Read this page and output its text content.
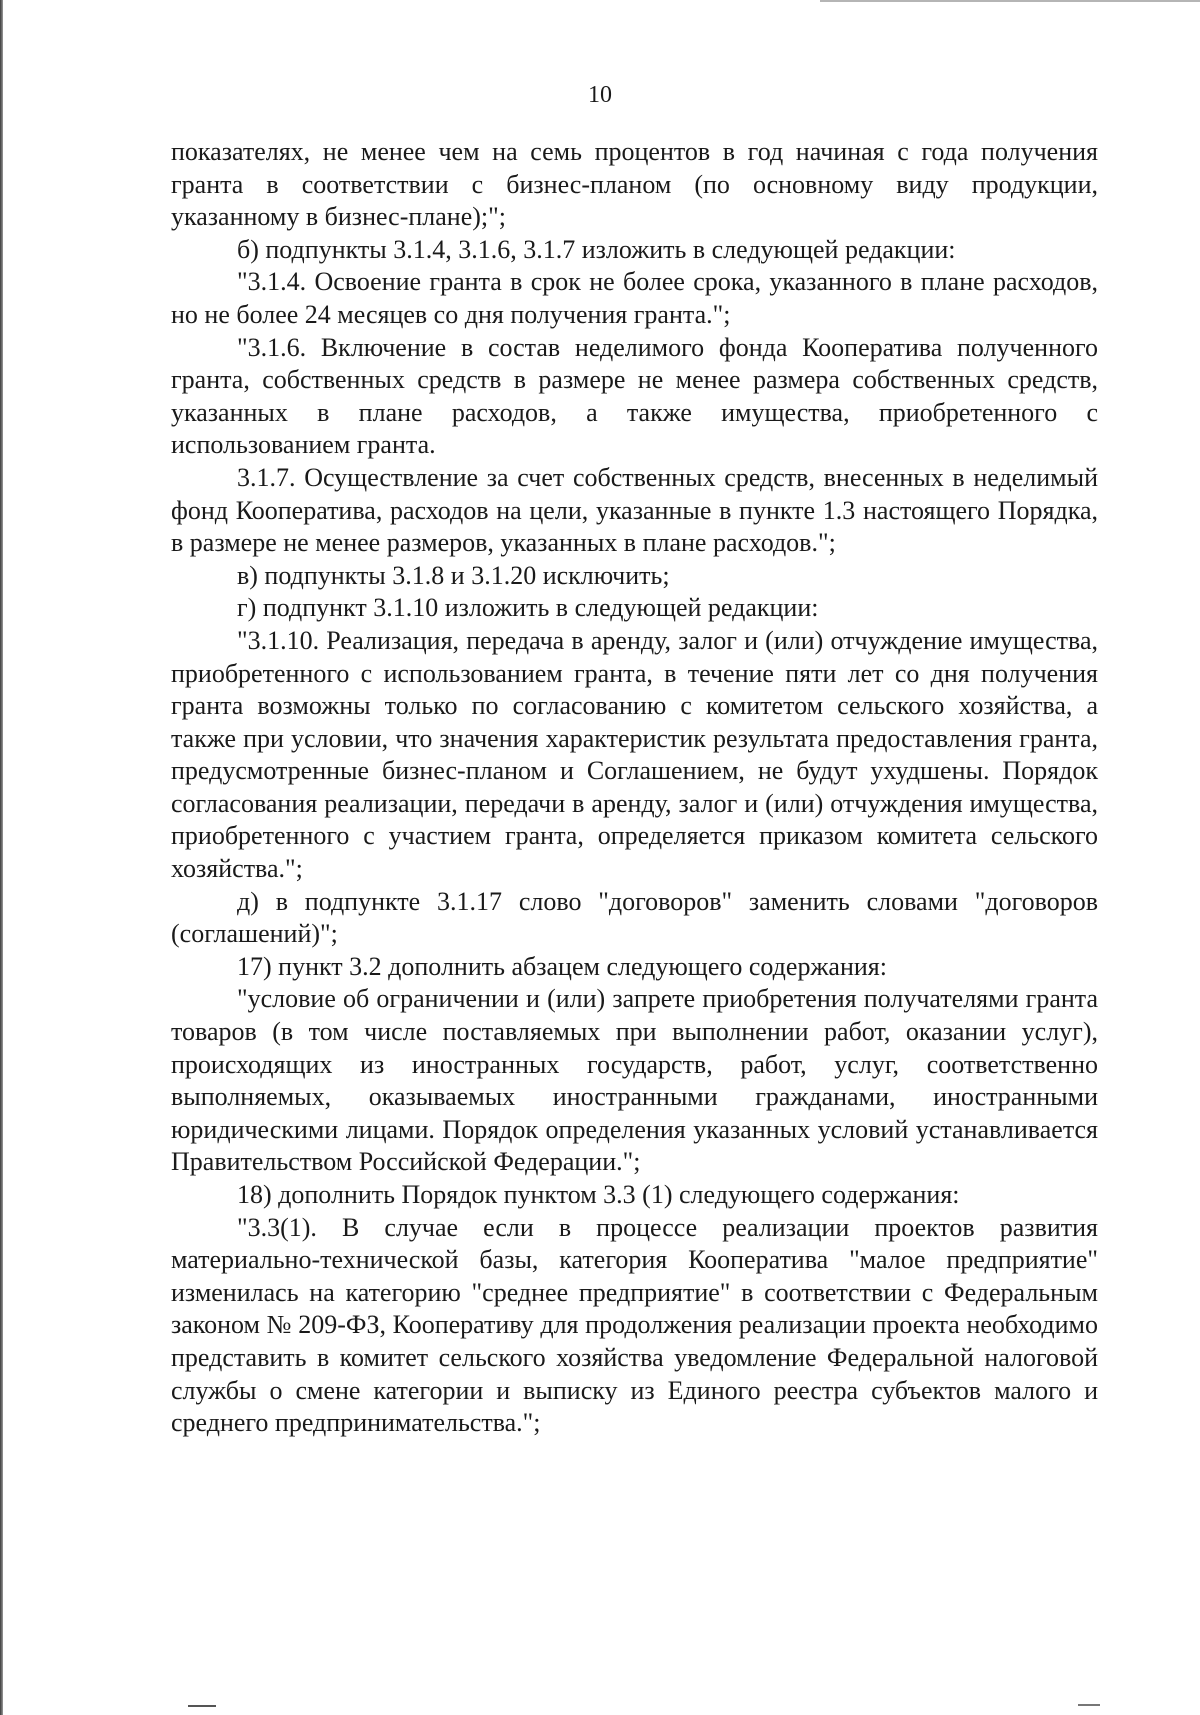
10

показателях, не менее чем на семь процентов в год начиная с года получения гранта в соответствии с бизнес-планом (по основному виду продукции, указанному в бизнес-плане);";

б) подпункты 3.1.4, 3.1.6, 3.1.7 изложить в следующей редакции:

"3.1.4. Освоение гранта в срок не более срока, указанного в плане расходов, но не более 24 месяцев со дня получения гранта.";

"3.1.6. Включение в состав неделимого фонда Кооператива полученного гранта, собственных средств в размере не менее размера собственных средств, указанных в плане расходов, а также имущества, приобретенного с использованием гранта.

3.1.7. Осуществление за счет собственных средств, внесенных в неделимый фонд Кооператива, расходов на цели, указанные в пункте 1.3 настоящего Порядка, в размере не менее размеров, указанных в плане расходов.";

в) подпункты 3.1.8 и 3.1.20 исключить;

г) подпункт 3.1.10 изложить в следующей редакции:

"3.1.10. Реализация, передача в аренду, залог и (или) отчуждение имущества, приобретенного с использованием гранта, в течение пяти лет со дня получения гранта возможны только по согласованию с комитетом сельского хозяйства, а также при условии, что значения характеристик результата предоставления гранта, предусмотренные бизнес-планом и Соглашением, не будут ухудшены. Порядок согласования реализации, передачи в аренду, залог и (или) отчуждения имущества, приобретенного с участием гранта, определяется приказом комитета сельского хозяйства.";

д) в подпункте 3.1.17 слово "договоров" заменить словами "договоров (соглашений)";

17) пункт 3.2 дополнить абзацем следующего содержания:

"условие об ограничении и (или) запрете приобретения получателями гранта товаров (в том числе поставляемых при выполнении работ, оказании услуг), происходящих из иностранных государств, работ, услуг, соответственно выполняемых, оказываемых иностранными гражданами, иностранными юридическими лицами. Порядок определения указанных условий устанавливается Правительством Российской Федерации.";

18) дополнить Порядок пунктом 3.3 (1) следующего содержания:

"3.3(1). В случае если в процессе реализации проектов развития материально-технической базы, категория Кооператива "малое предприятие" изменилась на категорию "среднее предприятие" в соответствии с Федеральным законом № 209-ФЗ, Кооперативу для продолжения реализации проекта необходимо представить в комитет сельского хозяйства уведомление Федеральной налоговой службы о смене категории и выписку из Единого реестра субъектов малого и среднего предпринимательства.";
